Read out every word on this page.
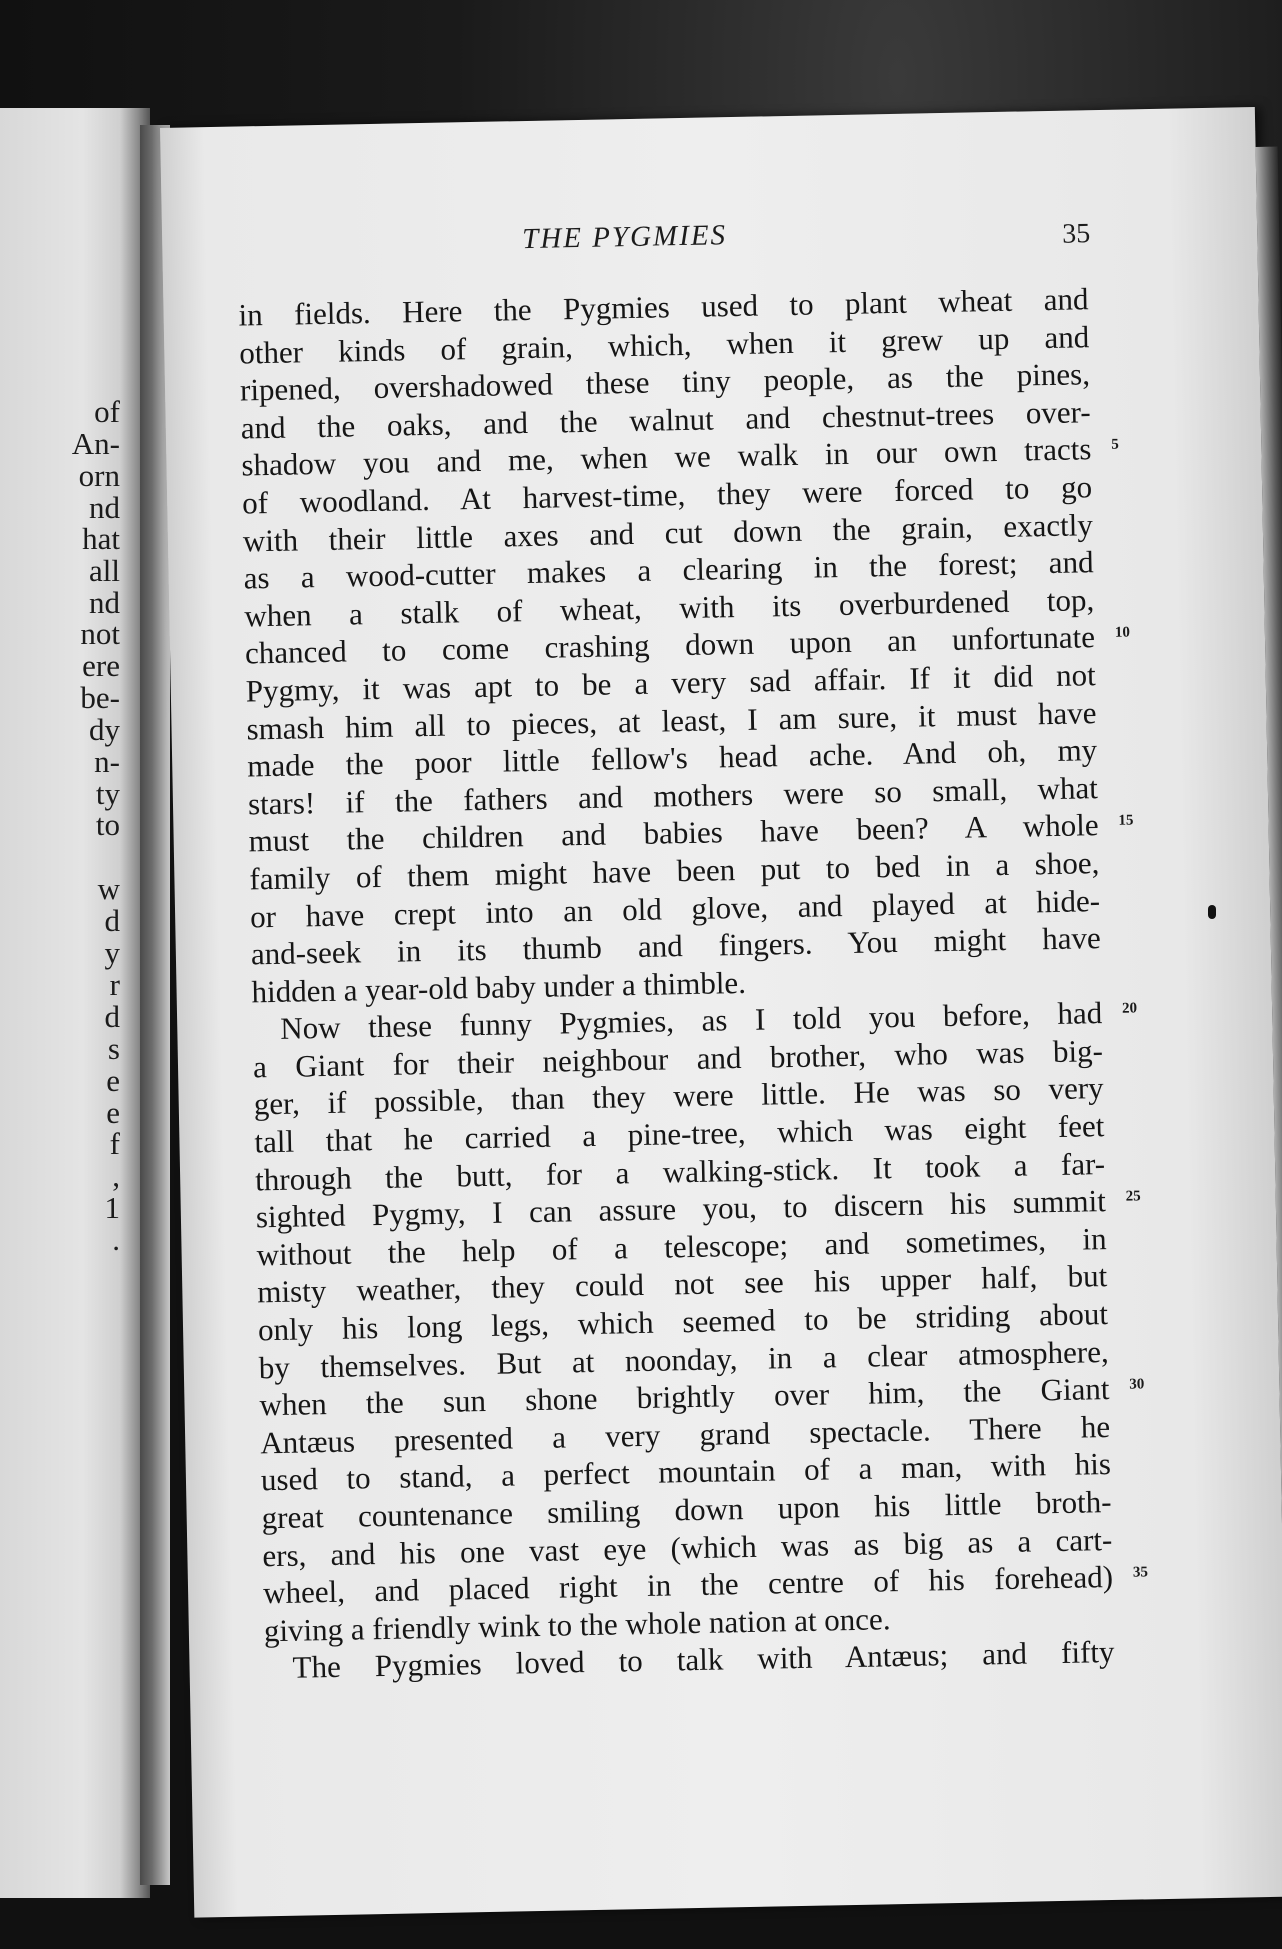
of
An-
orn
nd
hat
all
nd
not
ere
be-
dy
n-
ty
to
w
d
y
r
d
s
e
e
f
,
1
.
THE PYGMIES	35
in fields. Here the Pygmies used to plant wheat and
other kinds of grain, which, when it grew up and
ripened, overshadowed these tiny people, as the pines,
and the oaks, and the walnut and chestnut-trees over-
shadow you and me, when we walk in our own tracts 5
of woodland. At harvest-time, they were forced to go
with their little axes and cut down the grain, exactly
as a wood-cutter makes a clearing in the forest; and
when a stalk of wheat, with its overburdened top,
chanced to come crashing down upon an unfortunate 10
Pygmy, it was apt to be a very sad affair. If it did not
smash him all to pieces, at least, I am sure, it must have
made the poor little fellow's head ache. And oh, my
stars! if the fathers and mothers were so small, what
must the children and babies have been? A whole 15
family of them might have been put to bed in a shoe,
or have crept into an old glove, and played at hide-
and-seek in its thumb and fingers. You might have
hidden a year-old baby under a thimble.
Now these funny Pygmies, as I told you before, had 20
a Giant for their neighbour and brother, who was big-
ger, if possible, than they were little. He was so very
tall that he carried a pine-tree, which was eight feet
through the butt, for a walking-stick. It took a far-
sighted Pygmy, I can assure you, to discern his summit 25
without the help of a telescope; and sometimes, in
misty weather, they could not see his upper half, but
only his long legs, which seemed to be striding about
by themselves. But at noonday, in a clear atmosphere,
when the sun shone brightly over him, the Giant 30
Antæus presented a very grand spectacle. There he
used to stand, a perfect mountain of a man, with his
great countenance smiling down upon his little broth-
ers, and his one vast eye (which was as big as a cart-
wheel, and placed right in the centre of his forehead) 35
giving a friendly wink to the whole nation at once.
The Pygmies loved to talk with Antæus; and fifty
